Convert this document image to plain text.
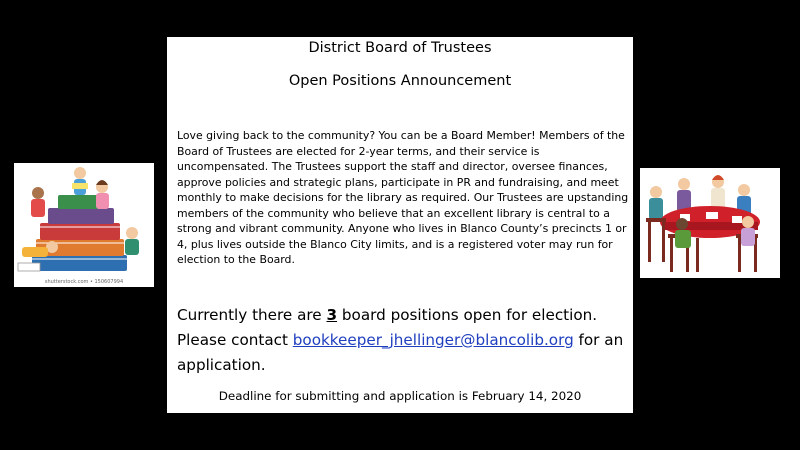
District Board of Trustees
Open Positions Announcement
Love giving back to the community? You can be a Board Member! Members of the Board of Trustees are elected for 2-year terms, and their service is uncompensated. The Trustees support the staff and director, oversee finances, approve policies and strategic plans, participate in PR and fundraising, and meet monthly to make decisions for the library as required. Our Trustees are upstanding members of the community who believe that an excellent library is central to a strong and vibrant community. Anyone who lives in Blanco County’s precincts 1 or 4, plus lives outside the Blanco City limits, and is a registered voter may run for election to the Board.
Currently there are 3 board positions open for election. Please contact bookkeeper_jhellinger@blancolib.org for an application.
Deadline for submitting and application is February 14, 2020
shutterstock.com • 150607994
